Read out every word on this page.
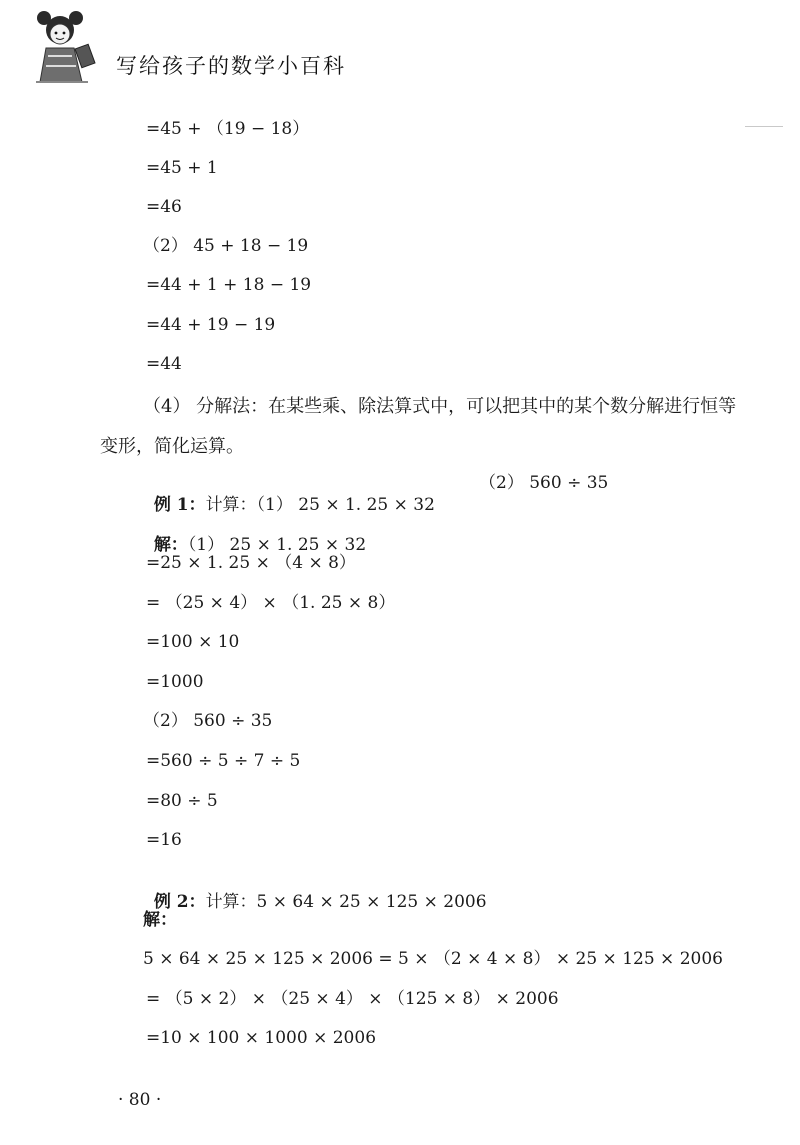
写给孩子的数学小百科
=45 + （19 − 18）
=45 + 1
=46
（2） 45 + 18 − 19
=44 + 1 + 18 − 19
=44 + 19 − 19
=44
（4） 分解法：在某些乘、除法算式中，可以把其中的某个数分解进行恒等变形，简化运算。

例 1：计算：（1） 25 × 1. 25 × 32

（2） 560 ÷ 35

解：（1） 25 × 1. 25 × 32

=25 × 1. 25 × （4 × 8）
= （25 × 4） × （1. 25 × 8）
=100 × 10
=1000
（2） 560 ÷ 35
=560 ÷ 5 ÷ 7 ÷ 5
=80 ÷ 5
=16

例 2：计算：5 × 64 × 25 × 125 × 2006

解：
5 × 64 × 25 × 125 × 2006 = 5 × （2 × 4 × 8） × 25 × 125 × 2006
= （5 × 2） × （25 × 4） × （125 × 8） × 2006
=10 × 100 × 1000 × 2006
· 80 ·
